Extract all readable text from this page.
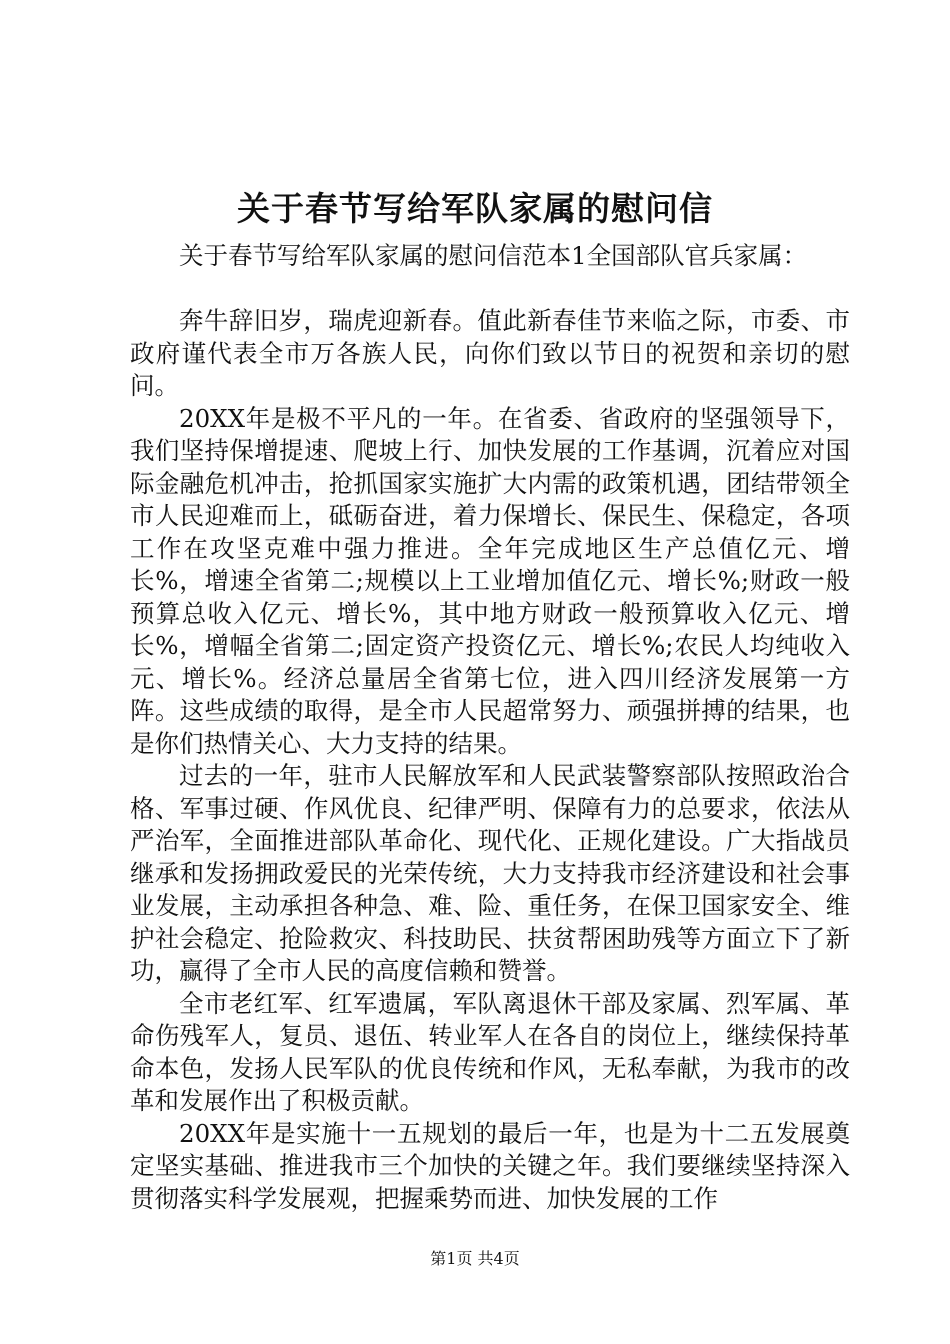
关于春节写给军队家属的慰问信

关于春节写给军队家属的慰问信范本1全国部队官兵家属：

奔牛辞旧岁，瑞虎迎新春。值此新春佳节来临之际，市委、市政府谨代表全市万各族人民，向你们致以节日的祝贺和亲切的慰问。

20XX年是极不平凡的一年。在省委、省政府的坚强领导下，我们坚持保增提速、爬坡上行、加快发展的工作基调，沉着应对国际金融危机冲击，抢抓国家实施扩大内需的政策机遇，团结带领全市人民迎难而上，砥砺奋进，着力保增长、保民生、保稳定，各项工作在攻坚克难中强力推进。全年完成地区生产总值亿元、增长%，增速全省第二;规模以上工业增加值亿元、增长%;财政一般预算总收入亿元、增长%，其中地方财政一般预算收入亿元、增长%，增幅全省第二;固定资产投资亿元、增长%;农民人均纯收入元、增长%。经济总量居全省第七位，进入四川经济发展第一方阵。这些成绩的取得，是全市人民超常努力、顽强拼搏的结果，也是你们热情关心、大力支持的结果。

过去的一年，驻市人民解放军和人民武装警察部队按照政治合格、军事过硬、作风优良、纪律严明、保障有力的总要求，依法从严治军，全面推进部队革命化、现代化、正规化建设。广大指战员继承和发扬拥政爱民的光荣传统，大力支持我市经济建设和社会事业发展，主动承担各种急、难、险、重任务，在保卫国家安全、维护社会稳定、抢险救灾、科技助民、扶贫帮困助残等方面立下了新功，赢得了全市人民的高度信赖和赞誉。

全市老红军、红军遗属，军队离退休干部及家属、烈军属、革命伤残军人，复员、退伍、转业军人在各自的岗位上，继续保持革命本色，发扬人民军队的优良传统和作风，无私奉献，为我市的改革和发展作出了积极贡献。

20XX年是实施十一五规划的最后一年，也是为十二五发展奠定坚实基础、推进我市三个加快的关键之年。我们要继续坚持深入贯彻落实科学发展观，把握乘势而进、加快发展的工作

第1页 共4页
